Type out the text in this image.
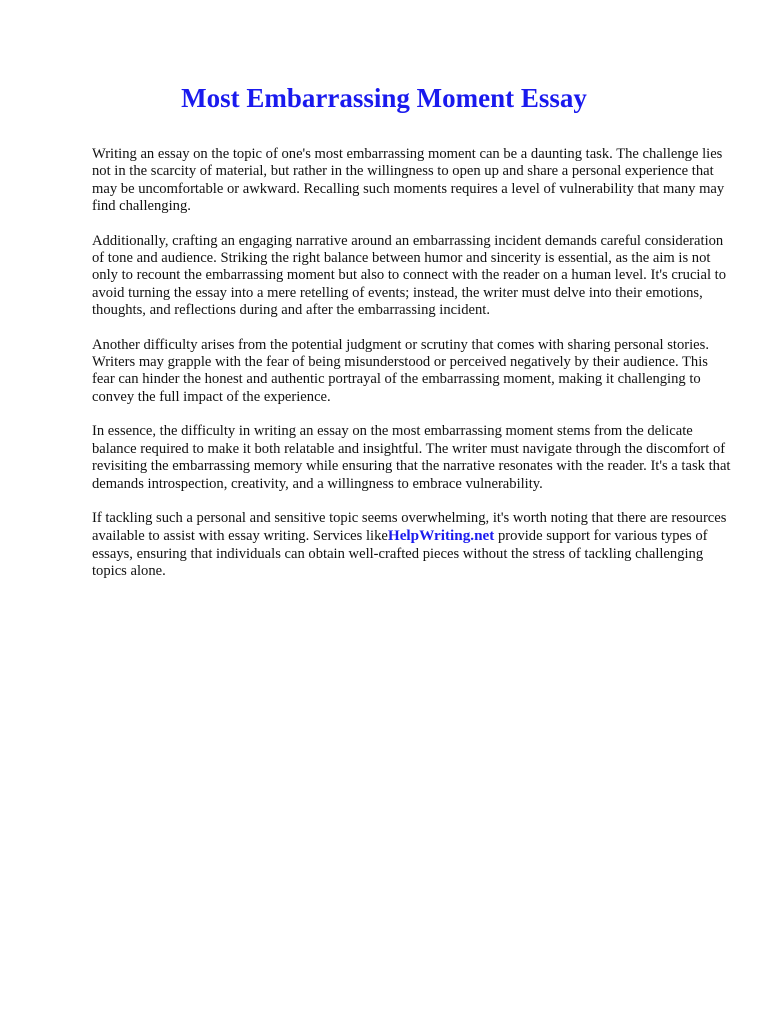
Most Embarrassing Moment Essay

Writing an essay on the topic of one's most embarrassing moment can be a daunting task. The challenge lies not in the scarcity of material, but rather in the willingness to open up and share a personal experience that may be uncomfortable or awkward. Recalling such moments requires a level of vulnerability that many may find challenging.

Additionally, crafting an engaging narrative around an embarrassing incident demands careful consideration of tone and audience. Striking the right balance between humor and sincerity is essential, as the aim is not only to recount the embarrassing moment but also to connect with the reader on a human level. It's crucial to avoid turning the essay into a mere retelling of events; instead, the writer must delve into their emotions, thoughts, and reflections during and after the embarrassing incident.

Another difficulty arises from the potential judgment or scrutiny that comes with sharing personal stories. Writers may grapple with the fear of being misunderstood or perceived negatively by their audience. This fear can hinder the honest and authentic portrayal of the embarrassing moment, making it challenging to convey the full impact of the experience.

In essence, the difficulty in writing an essay on the most embarrassing moment stems from the delicate balance required to make it both relatable and insightful. The writer must navigate through the discomfort of revisiting the embarrassing memory while ensuring that the narrative resonates with the reader. It's a task that demands introspection, creativity, and a willingness to embrace vulnerability.

If tackling such a personal and sensitive topic seems overwhelming, it's worth noting that there are resources available to assist with essay writing. Services likeHelpWriting.net provide support for various types of essays, ensuring that individuals can obtain well-crafted pieces without the stress of tackling challenging topics alone.
